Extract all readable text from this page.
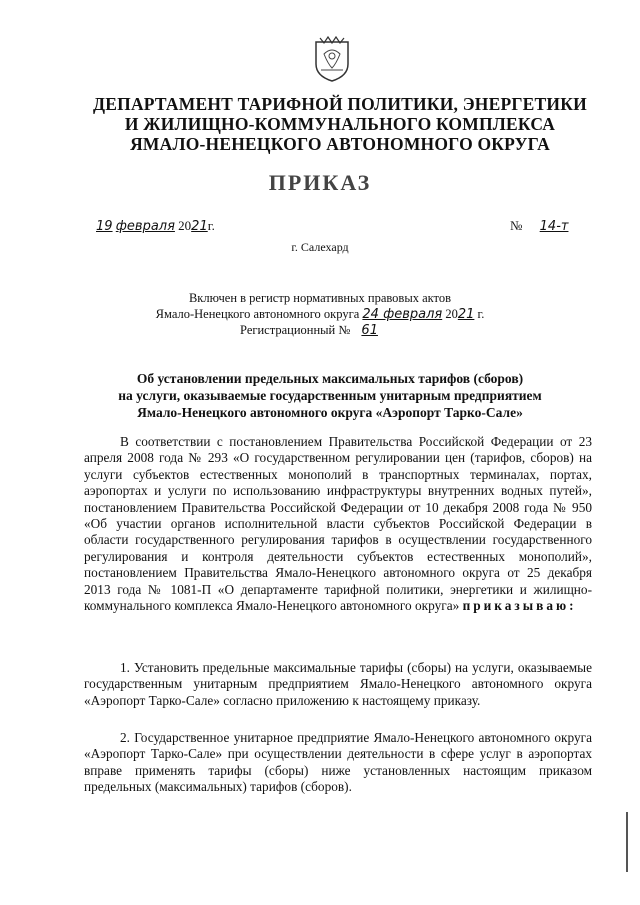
ДЕПАРТАМЕНТ ТАРИФНОЙ ПОЛИТИКИ, ЭНЕРГЕТИКИ
И ЖИЛИЩНО-КОММУНАЛЬНОГО КОМПЛЕКСА
ЯМАЛО-НЕНЕЦКОГО АВТОНОМНОГО ОКРУГА
ПРИКАЗ
19 февраля 2021г.	№ 14-т
г. Салехард
Включен в регистр нормативных правовых актов
Ямало-Ненецкого автономного округа 24 февраля 2021 г.
Регистрационный № 61
Об установлении предельных максимальных тарифов (сборов)
на услуги, оказываемые государственным унитарным предприятием
Ямало-Ненецкого автономного округа «Аэропорт Тарко-Сале»
В соответствии с постановлением Правительства Российской Федерации от 23 апреля 2008 года № 293 «О государственном регулировании цен (тарифов, сборов) на услуги субъектов естественных монополий в транспортных терминалах, портах, аэропортах и услуги по использованию инфраструктуры внутренних водных путей», постановлением Правительства Российской Федерации от 10 декабря 2008 года № 950 «Об участии органов исполнительной власти субъектов Российской Федерации в области государственного регулирования тарифов в осуществлении государственного регулирования и контроля деятельности субъектов естественных монополий», постановлением Правительства Ямало-Ненецкого автономного округа от 25 декабря 2013 года № 1081-П «О департаменте тарифной политики, энергетики и жилищно-коммунального комплекса Ямало-Ненецкого автономного округа» приказываю:
1. Установить предельные максимальные тарифы (сборы) на услуги, оказываемые государственным унитарным предприятием Ямало-Ненецкого автономного округа «Аэропорт Тарко-Сале» согласно приложению к настоящему приказу.
2. Государственное унитарное предприятие Ямало-Ненецкого автономного округа «Аэропорт Тарко-Сале» при осуществлении деятельности в сфере услуг в аэропортах вправе применять тарифы (сборы) ниже установленных настоящим приказом предельных (максимальных) тарифов (сборов).
